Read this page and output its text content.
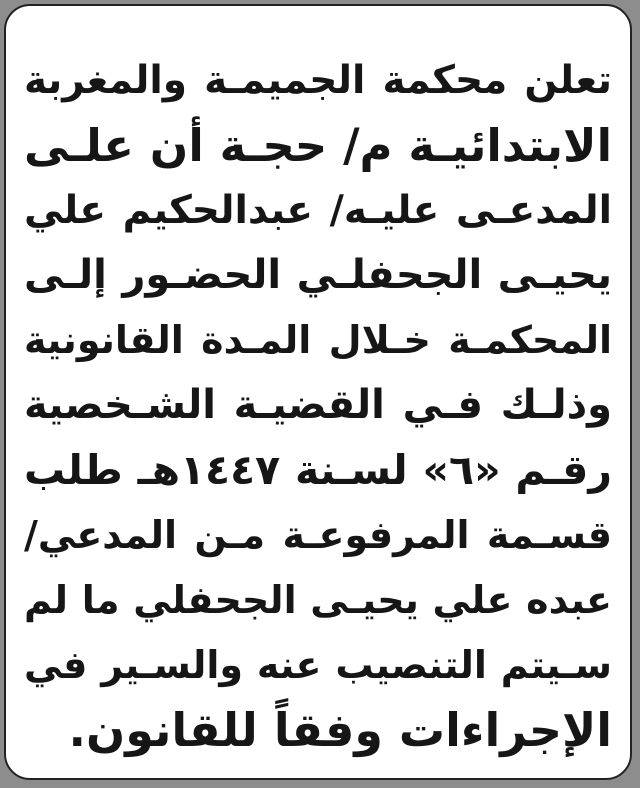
تعلن محكمة الجميمـة والمغربة
الابتدائيـة م/ حجـة أن علـى
المدعـى عليـه/ عبدالحكيم علي
يحيـى الجحفلـي الحضـور إلـى
المحكمـة خـلال المـدة القانونية
وذلـك فـي القضيـة الشـخصية
رقـم «٦» لسـنة ١٤٤٧هـ طلب
قسـمة المرفوعـة مـن المدعي/
عبده علي يحيـى الجحفلي ما لم
سـيتم التنصيب عنه والسـير في
الإجراءات وفقاً للقانون.
